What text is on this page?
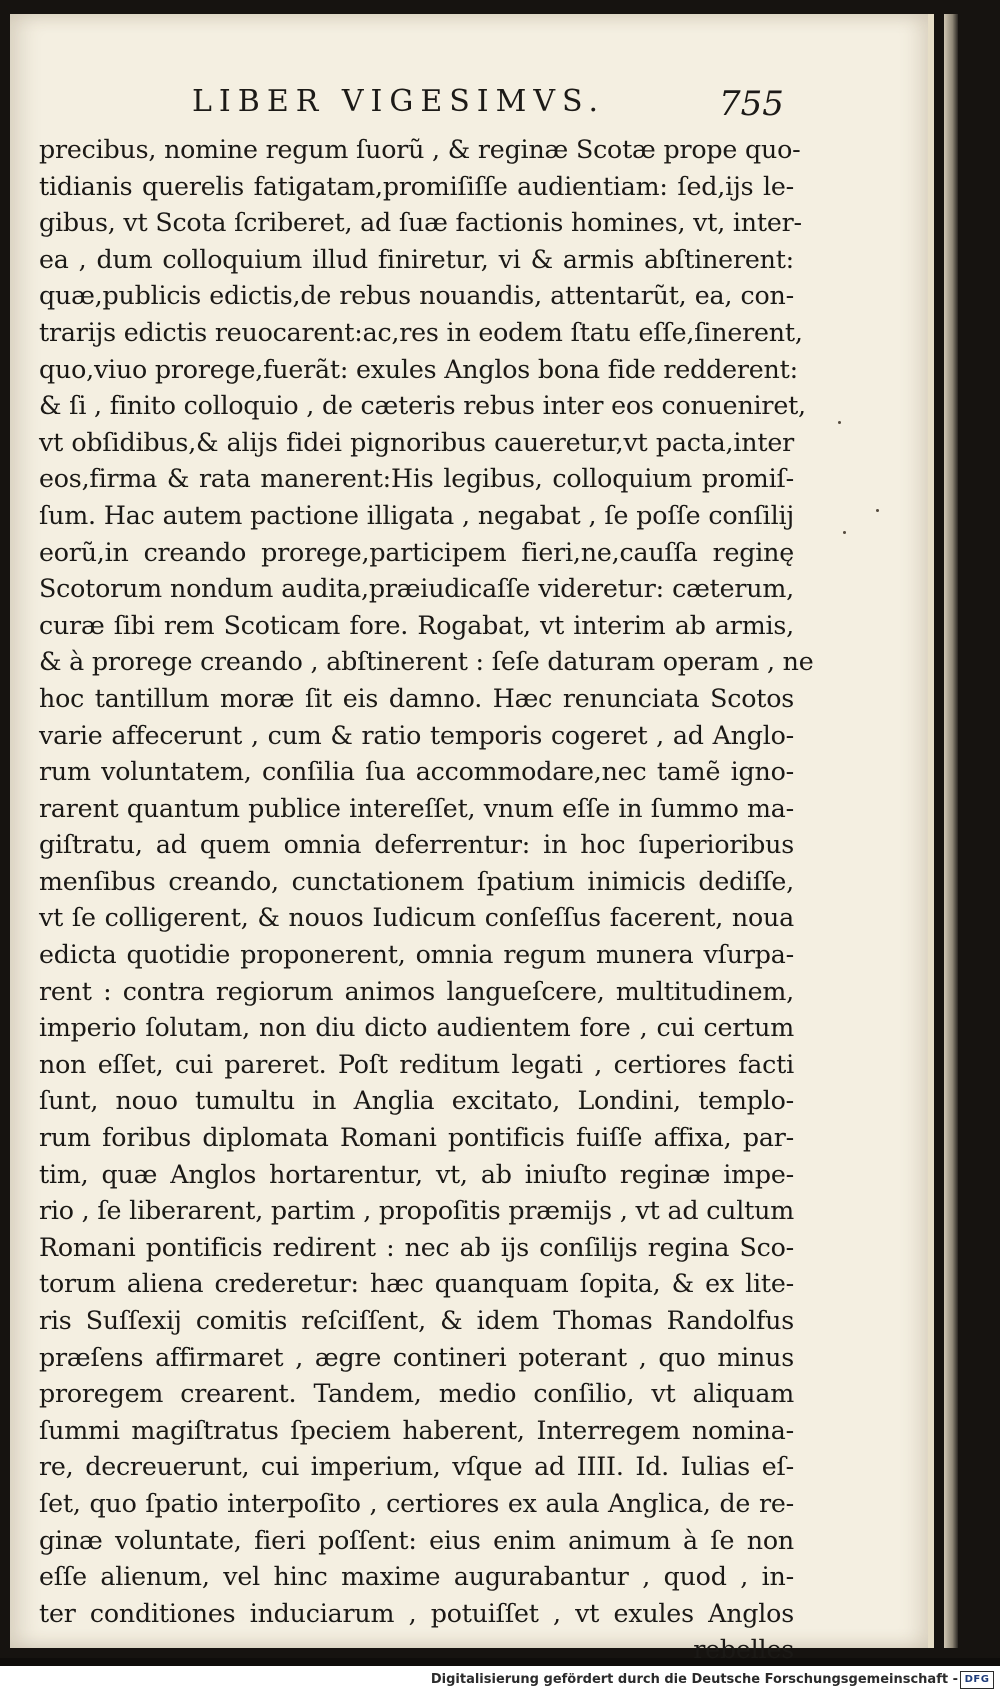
LIBER VIGESIMVS.	755
precibus, nomine regum ſuorũ , & reginæ Scotæ prope quo-
tidianis querelis fatigatam,promiſiſſe audientiam: ſed,ijs le-
gibus, vt Scota ſcriberet, ad ſuæ factionis homines, vt, inter-
ea , dum colloquium illud finiretur, vi & armis abſtinerent:
quæ,publicis edictis,de rebus nouandis, attentarũt, ea, con-
trarijs edictis reuocarent:ac,res in eodem ſtatu eſſe,ſinerent,
quo,viuo prorege,fuerãt: exules Anglos bona fide redderent:
& ſi , finito colloquio , de cæteris rebus inter eos conueniret,
vt obſidibus,& alijs fidei pignoribus caueretur,vt pacta,inter
eos,firma & rata manerent:His legibus, colloquium promiſ-
ſum. Hac autem pactione illigata , negabat , ſe poſſe conſilij
eorũ,in creando prorege,participem fieri,ne,cauſſa reginę
Scotorum nondum audita,præiudicaſſe videretur: cæterum,
curæ ſibi rem Scoticam fore. Rogabat, vt interim ab armis,
& à prorege creando , abſtinerent : ſeſe daturam operam , ne
hoc tantillum moræ ſit eis damno. Hæc renunciata Scotos
varie affecerunt , cum & ratio temporis cogeret , ad Anglo-
rum voluntatem, conſilia ſua accommodare,nec tamẽ igno-
rarent quantum publice intereſſet, vnum eſſe in ſummo ma-
giſtratu, ad quem omnia deferrentur: in hoc ſuperioribus
menſibus creando, cunctationem ſpatium inimicis dediſſe,
vt ſe colligerent, & nouos Iudicum conſeſſus facerent, noua
edicta quotidie proponerent, omnia regum munera vſurpa-
rent : contra regiorum animos langueſcere, multitudinem,
imperio ſolutam, non diu dicto audientem fore , cui certum
non eſſet, cui pareret. Poſt reditum legati , certiores facti
ſunt, nouo tumultu in Anglia excitato, Londini, templo-
rum foribus diplomata Romani pontificis fuiſſe affixa, par-
tim, quæ Anglos hortarentur, vt, ab iniuſto reginæ impe-
rio , ſe liberarent, partim , propoſitis præmijs , vt ad cultum
Romani pontificis redirent : nec ab ijs conſilijs regina Sco-
torum aliena crederetur: hæc quanquam ſopita, & ex lite-
ris Suſſexij comitis reſciſſent, & idem Thomas Randolfus
præſens affirmaret , ægre contineri poterant , quo minus
proregem crearent. Tandem, medio conſilio, vt aliquam
ſummi magiſtratus ſpeciem haberent, Interregem nomina-
re, decreuerunt, cui imperium, vſque ad IIII. Id. Iulias eſ-
ſet, quo ſpatio interpoſito , certiores ex aula Anglica, de re-
ginæ voluntate, fieri poſſent: eius enim animum à ſe non
eſſe alienum, vel hinc maxime augurabantur , quod , in-
ter conditiones induciarum , potuiſſet , vt exules Anglos
rebelles
Digitalisierung gefördert durch die Deutsche Forschungsgemeinschaft - DFG
